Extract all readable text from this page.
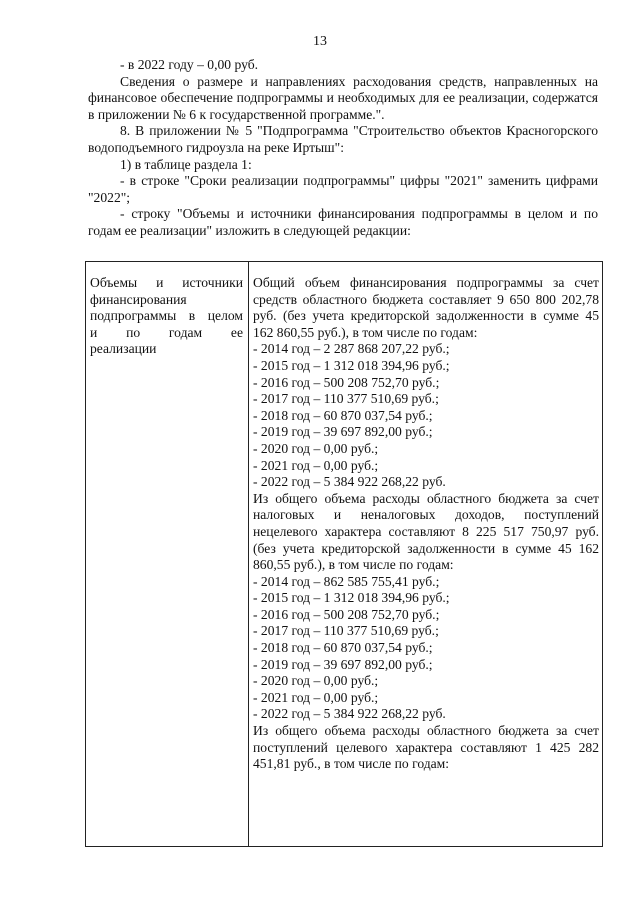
13

- в 2022 году – 0,00 руб.

Сведения о размере и направлениях расходования средств, направленных на финансовое обеспечение подпрограммы и необходимых для ее реализации, содержатся в приложении № 6 к государственной программе.".

8. В приложении № 5 "Подпрограмма "Строительство объектов Красногорского водоподъемного гидроузла на реке Иртыш":

1) в таблице раздела 1:

- в строке "Сроки реализации подпрограммы" цифры "2021" заменить цифрами "2022";

- строку "Объемы и источники финансирования подпрограммы в целом и по годам ее реализации" изложить в следующей редакции:

Объемы и источники
финансирования
подпрограммы в целом
и по годам ее
реализации

Общий объем финансирования подпрограммы за счет средств областного бюджета составляет 9 650 800 202,78 руб. (без учета кредиторской задолженности в сумме 45 162 860,55 руб.), в том числе по годам:

- 2014 год – 2 287 868 207,22 руб.;
- 2015 год – 1 312 018 394,96 руб.;
- 2016 год – 500 208 752,70 руб.;
- 2017 год – 110 377 510,69 руб.;
- 2018 год – 60 870 037,54 руб.;
- 2019 год – 39 697 892,00 руб.;
- 2020 год – 0,00 руб.;
- 2021 год – 0,00 руб.;
- 2022 год – 5 384 922 268,22 руб.

Из общего объема расходы областного бюджета за счет налоговых и неналоговых доходов, поступлений нецелевого характера составляют 8 225 517 750,97 руб. (без учета кредиторской задолженности в сумме 45 162 860,55 руб.), в том числе по годам:

- 2014 год – 862 585 755,41 руб.;
- 2015 год – 1 312 018 394,96 руб.;
- 2016 год – 500 208 752,70 руб.;
- 2017 год – 110 377 510,69 руб.;
- 2018 год – 60 870 037,54 руб.;
- 2019 год – 39 697 892,00 руб.;
- 2020 год – 0,00 руб.;
- 2021 год – 0,00 руб.;
- 2022 год – 5 384 922 268,22 руб.

Из общего объема расходы областного бюджета за счет поступлений целевого характера составляют 1 425 282 451,81 руб., в том числе по годам:
